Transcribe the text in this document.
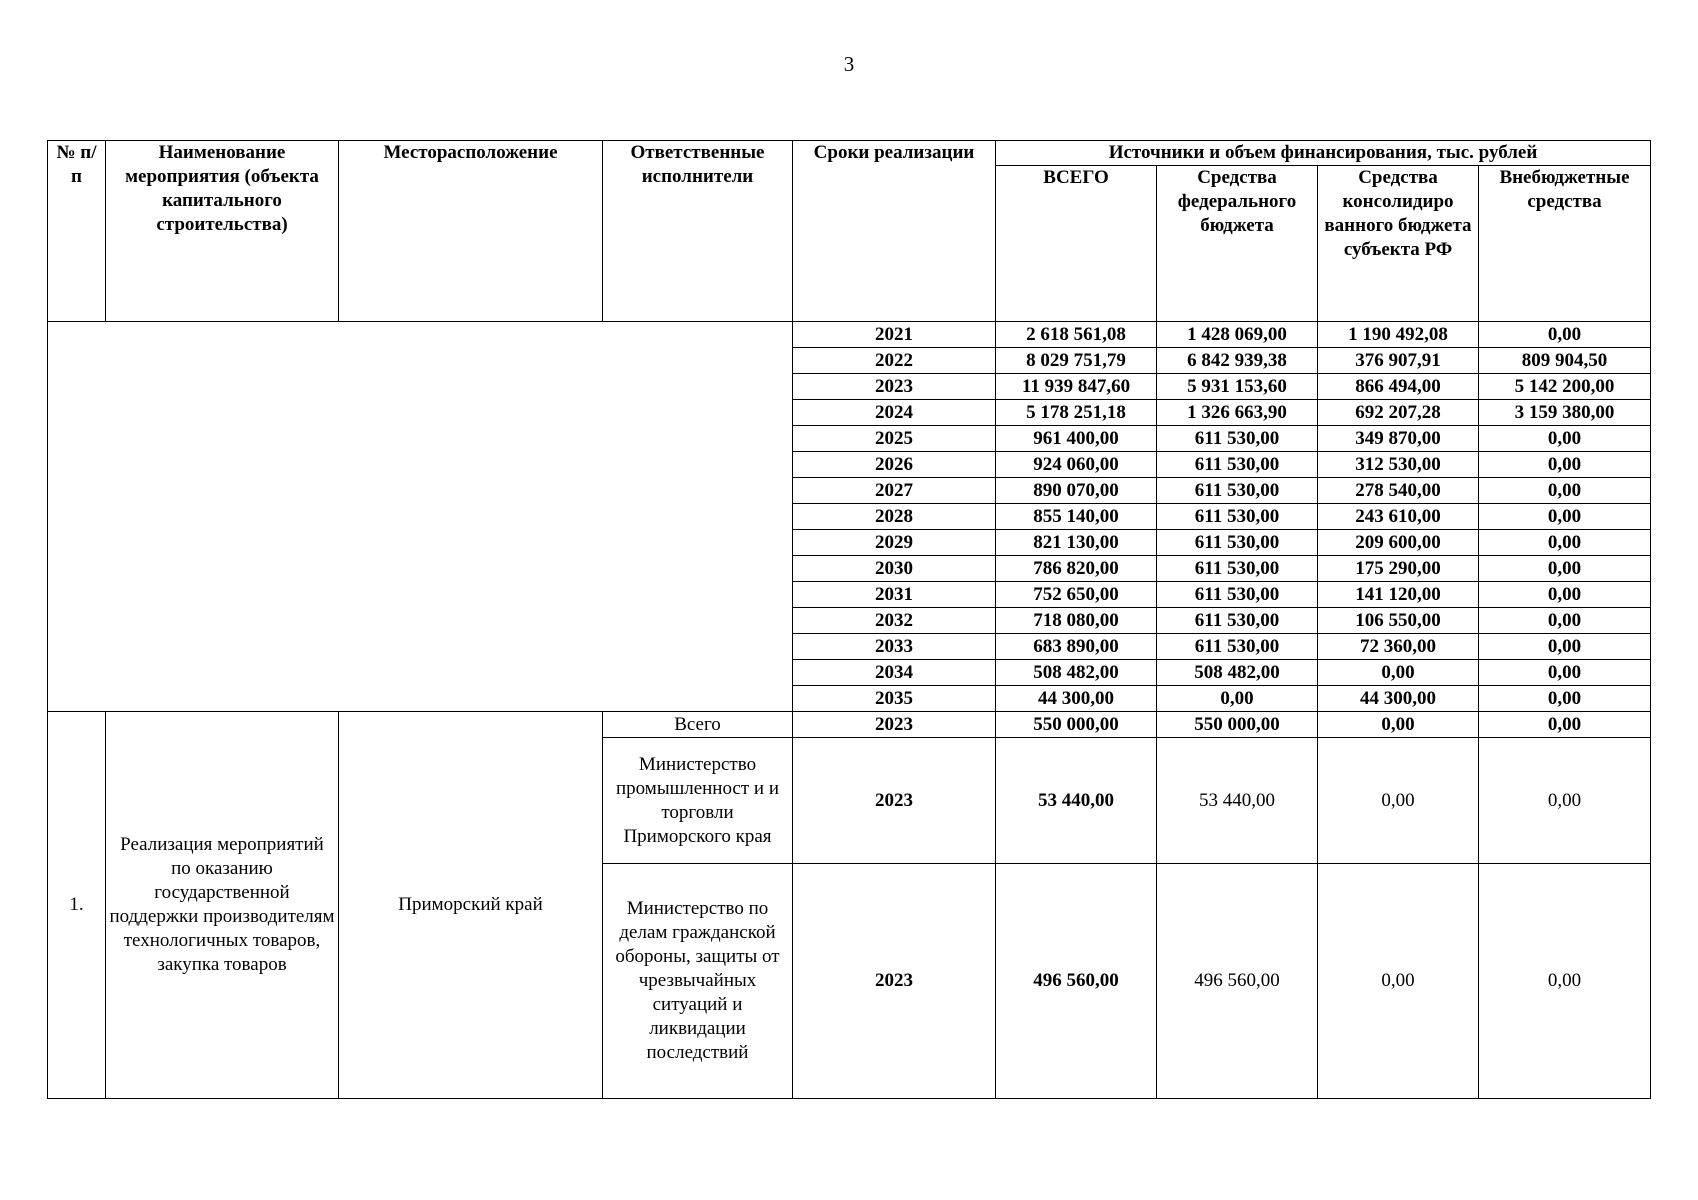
3
№ п/п	Наименование мероприятия (объекта капитального строительства)	Месторасположение	Ответственные исполнители	Сроки реализации	Источники и объем финансирования, тыс. рублей			
					ВСЕГО	Средства федерального бюджета	Средства консолидиро ванного бюджета субъекта РФ	Внебюджетные средства
				2021	2 618 561,08	1 428 069,00	1 190 492,08	0,00
				2022	8 029 751,79	6 842 939,38	376 907,91	809 904,50
				2023	11 939 847,60	5 931 153,60	866 494,00	5 142 200,00
				2024	5 178 251,18	1 326 663,90	692 207,28	3 159 380,00
				2025	961 400,00	611 530,00	349 870,00	0,00
				2026	924 060,00	611 530,00	312 530,00	0,00
				2027	890 070,00	611 530,00	278 540,00	0,00
				2028	855 140,00	611 530,00	243 610,00	0,00
				2029	821 130,00	611 530,00	209 600,00	0,00
				2030	786 820,00	611 530,00	175 290,00	0,00
				2031	752 650,00	611 530,00	141 120,00	0,00
				2032	718 080,00	611 530,00	106 550,00	0,00
				2033	683 890,00	611 530,00	72 360,00	0,00
				2034	508 482,00	508 482,00	0,00	0,00
				2035	44 300,00	0,00	44 300,00	0,00
1.	Реализация мероприятий по оказанию государственной поддержки производителям технологичных товаров, закупка товаров	Приморский край	Всего	2023	550 000,00	550 000,00	0,00	0,00
			Министерство промышленност и и торговли Приморского края	2023	53 440,00	53 440,00	0,00	0,00
			Министерство по делам гражданской обороны, защиты от чрезвычайных ситуаций и ликвидации последствий	2023	496 560,00	496 560,00	0,00	0,00
